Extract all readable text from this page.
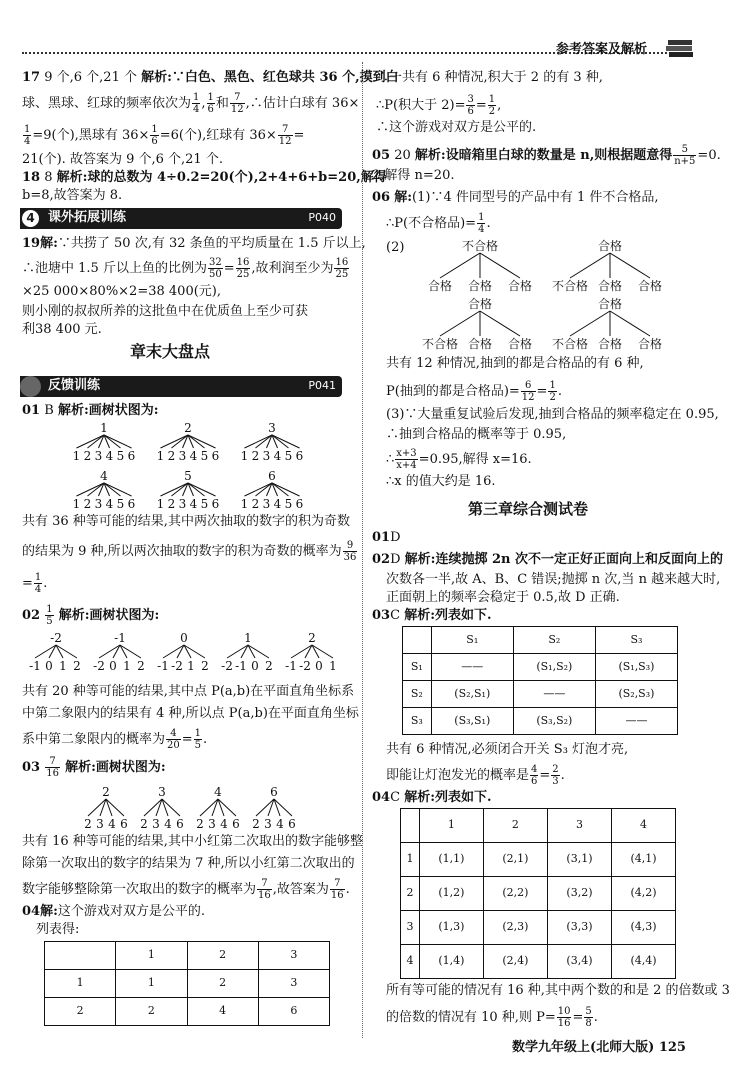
参考答案及解析
17 9 个,6 个,21 个 解析:∵白色、黑色、红色球共 36 个,摸到白
球、黑球、红球的频率依次为 $\frac{1}{4}$ , $\frac{1}{6}$ 和 $\frac{7}{12}$ ,∴估计白球有 36×
$\frac{1}{4} =9$(个),黑球有 $36\times \frac{1}{6} =6$(个),红球有 $36\times \frac{7}{12}$ =
21(个). 故答案为 9 个,6 个,21 个.
18 8 解析:球的总数为 4÷0.2=20(个),2+4+6+b=20,解得
b=8,故答案为 8.
4	课外拓展训练	P040
19解:∵共捞了 50 次,有 32 条鱼的平均质量在 1.5 斤以上,
∴池塘中 1.5 斤以上鱼的比例为 $\frac{32}{50} = \frac{16}{25}$ ,故利润至少为 $\frac{16}{25}$
×25 000×80%×2=38 400(元),
则小刚的叔叔所养的这批鱼中在优质鱼上至少可获
利38 400 元.
章末大盘点
反馈训练	P041
01 B 解析:画树状图为:
1
1 2 3 4 5 6
2
1 2 3 4 5 6
3
1 2 3 4 5 6
4
1 2 3 4 5 6
5
1 2 3 4 5 6
6
1 2 3 4 5 6
共有 36 种等可能的结果,其中两次抽取的数字的积为奇数
的结果为 9 种,所以两次抽取的数字的积为奇数的概率为 $\frac{9}{36}$
= $\frac{1}{4}$ .
$02 \frac{1}{5}$ 解析:画树状图为:
-2
-1 0 1 2
-1
-2 0 1 2
0
-1 -2 1 2
1
-2 -1 0 2
2
-1 -2 0 1
共有 20 种等可能的结果,其中点 P(a,b)在平面直角坐标系
中第二象限内的结果有 4 种,所以点 P(a,b)在平面直角坐标
系中第二象限内的概率为 $\frac{4}{20} = \frac{1}{5}$ .
$03 \frac{7}{16}$ 解析:画树状图为:
2
2 3 4 6
3
2 3 4 6
4
2 3 4 6
6
2 3 4 6
共有 16 种等可能的结果,其中小红第二次取出的数字能够整
除第一次取出的数字的结果为 7 种,所以小红第二次取出的
数字能够整除第一次取出的数字的概率为 $\frac{7}{16}$ ,故答案为 $\frac{7}{16}$ .
04解:这个游戏对双方是公平的.
列表得:
	1	2	3
1	1	2	3
2	2	4	6
∴一共有 6 种情况,积大于 2 的有 3 种,
∴P(积大于 $2)= \frac{3}{6} = \frac{1}{2}$ ,
∴这个游戏对双方是公平的.
05 20 解析:设暗箱里白球的数量是 n,则根据题意得 $\frac{5}{n+5} =0$.
2,解得 n=20.
06 解:(1)∵4 件同型号的产品中有 1 件不合格品,
∴P(不合格品)= $\frac{1}{4}$ .
(2)	不合格
合格 合格 合格
合格
不合格 合格 合格
合格
不合格 合格 合格
合格
不合格 合格 合格
共有 12 种情况,抽到的都是合格品的有 6 种,
P(抽到的都是合格品)= $\frac{6}{12} = \frac{1}{2}$ .
(3)∵大量重复试验后发现,抽到合格品的频率稳定在 0.95,
∴抽到合格品的概率等于 0.95,
∴ $\frac{x+3}{x+4} =0.95$,解得 x=16.
∴x 的值大约是 16.
第三章综合测试卷
01D
02D 解析:连续抛掷 2n 次不一定正好正面向上和反面向上的
次数各一半,故 A、B、C 错误;抛掷 n 次,当 n 越来越大时,
正面朝上的频率会稳定于 0.5,故 D 正确.
03C 解析:列表如下.
	S₁	S₂	S₃
S₁	——	(S₁,S₂)	(S₁,S₃)
S₂	(S₂,S₁)	——	(S₂,S₃)
S₃	(S₃,S₁)	(S₃,S₂)	——
共有 6 种情况,必须闭合开关 S₃ 灯泡才亮,
即能让灯泡发光的概率是 $\frac{4}{6} = \frac{2}{3}$ .
04C 解析:列表如下.
	1	2	3	4
1	(1,1)	(2,1)	(3,1)	(4,1)
2	(1,2)	(2,2)	(3,2)	(4,2)
3	(1,3)	(2,3)	(3,3)	(4,3)
4	(1,4)	(2,4)	(3,4)	(4,4)
所有等可能的情况有 16 种,其中两个数的和是 2 的倍数或 3
的倍数的情况有 10 种,则 $P= \frac{10}{16} = \frac{5}{8}$ .
数学九年级上(北师大版) 125
